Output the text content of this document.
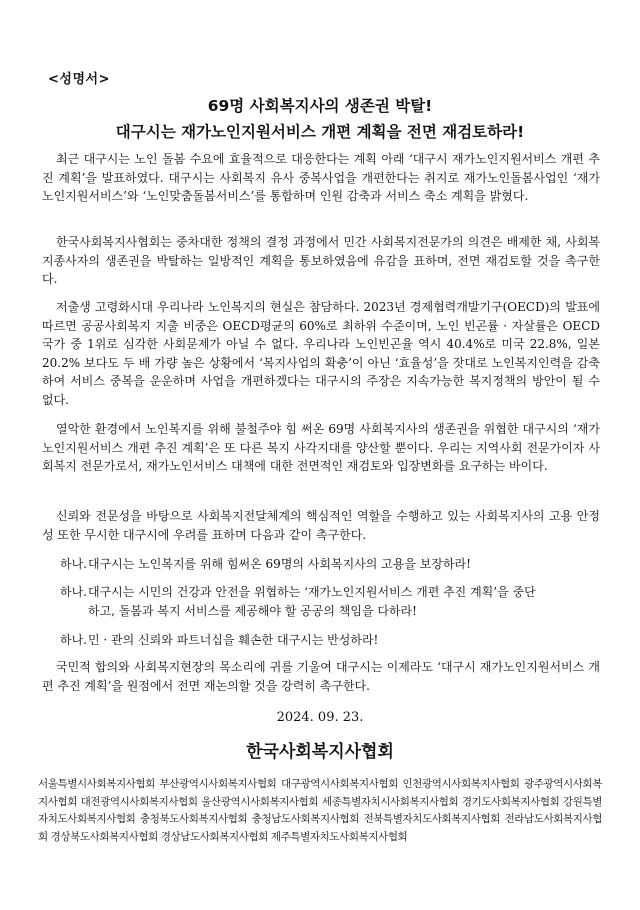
<성명서>
69명 사회복지사의 생존권 박탈!
대구시는 재가노인지원서비스 개편 계획을 전면 재검토하라!
최근 대구시는 노인 돌봄 수요에 효율적으로 대응한다는 계획 아래 ‘대구시 재가노인지원서비스 개편 추진 계획’을 발표하였다. 대구시는 사회복지 유사 중복사업을 개편한다는 취지로 재가노인돌봄사업인 ‘재가노인지원서비스’와 ‘노인맞춤돌봄서비스’를 통합하며 인원 감축과 서비스 축소 계획을 밝혔다.
한국사회복지사협회는 중차대한 정책의 결정 과정에서 민간 사회복지전문가의 의견은 배제한 채, 사회복지종사자의 생존권을 박탈하는 일방적인 계획을 통보하였음에 유감을 표하며, 전면 재검토할 것을 촉구한다.
저출생 고령화시대 우리나라 노인복지의 현실은 참담하다. 2023년 경제협력개발기구(OECD)의 발표에 따르면 공공사회복지 지출 비중은 OECD평균의 60%로 최하위 수준이며, 노인 빈곤률 · 자살률은 OECD 국가 중 1위로 심각한 사회문제가 아닐 수 없다. 우리나라 노인빈곤율 역시 40.4%로 미국 22.8%, 일본 20.2% 보다도 두 배 가량 높은 상황에서 ‘복지사업의 확충’이 아닌 ‘효율성’을 잣대로 노인복지인력을 감축하여 서비스 중복을 운운하며 사업을 개편하겠다는 대구시의 주장은 지속가능한 복지정책의 방안이 될 수 없다.
열악한 환경에서 노인복지를 위해 불철주야 힘 써온 69명 사회복지사의 생존권을 위협한 대구시의 ‘재가노인지원서비스 개편 추진 계획’은 또 다른 복지 사각지대를 양산할 뿐이다. 우리는 지역사회 전문가이자 사회복지 전문가로서, 재가노인서비스 대책에 대한 전면적인 재검토와 입장변화를 요구하는 바이다.
신뢰와 전문성을 바탕으로 사회복지전달체계의 핵심적인 역할을 수행하고 있는 사회복지사의 고용 안정성 또한 무시한 대구시에 우려를 표하며 다음과 같이 촉구한다.
하나.대구시는 노인복지를 위해 힘써온 69명의 사회복지사의 고용을 보장하라!
하나.대구시는 시민의 건강과 안전을 위협하는 ‘재가노인지원서비스 개편 추진 계획’을 중단
하고, 돌봄과 복지 서비스를 제공해야 할 공공의 책임을 다하라!
하나.민 · 관의 신뢰와 파트너십을 훼손한 대구시는 반성하라!
국민적 합의와 사회복지현장의 목소리에 귀를 기울여 대구시는 이제라도 ‘대구시 재가노인지원서비스 개편 추진 계획’을 원점에서 전면 재논의할 것을 강력히 촉구한다.
2024. 09. 23.
한국사회복지사협회
서울특별시사회복지사협회 부산광역시사회복지사협회 대구광역시사회복지사협회 인천광역시사회복지사협회 광주광역시사회복지사협회 대전광역시사회복지사협회 울산광역시사회복지사협회 세종특별자치시사회복지사협회 경기도사회복지사협회 강원특별자치도사회복지사협회 충청북도사회복지사협회 충청남도사회복지사협회 전북특별자치도사회복지사협회 전라남도사회복지사협회 경상북도사회복지사협회 경상남도사회복지사협회 제주특별자치도사회복지사협회
